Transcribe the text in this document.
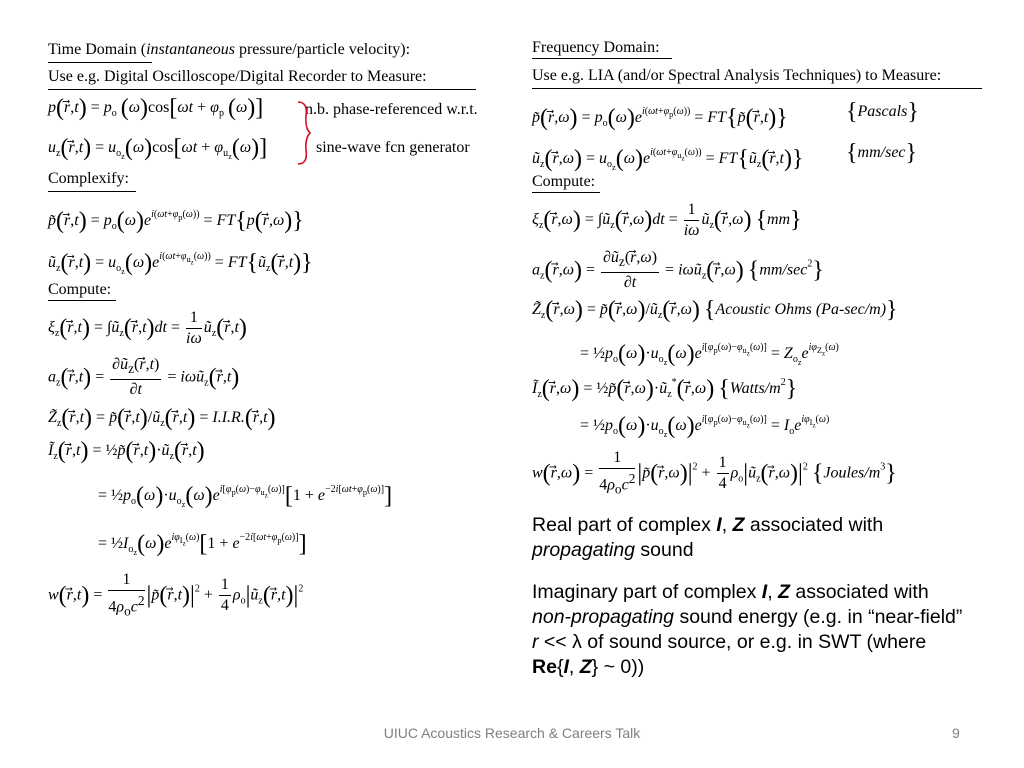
Time Domain (instantaneous pressure/particle velocity):
Use e.g. Digital Oscilloscope/Digital Recorder to Measure:
p(r⃗,t) = $p_o$ $(\omega)\cos[\omega t + \varphi_p$ (ω)]	n.b. phase-referenced w.r.t.
$u_z(r⃗,t) = u_{o_z}(\omega)\cos[\omega t + \varphi_{u_z}(\omega)]$	sine-wave fcn generator
Complexify:
p̃(r⃗,t) = $p_o(\omega)e^{i(\omega t+\varphi_p(\omega))}$ = FT{p(r⃗,ω)}
$ũ_z(r⃗,t) = u_{o_z}(\omega)e^{i(\omega t+\varphi_{u_z}(\omega))}$ = $FT\{ũ_z(r⃗,t)\}$
Compute:
$\xi_z(r⃗,t)$ = $\int ũ_z(r⃗,t)dt = \frac{1}{i\omega}$ $ũ_z(r⃗,t)$
$a_z(r⃗,t) = \frac{\partial ũ_z(r⃗,t)}{\partial t}$ = iωũ$_z$(r⃗,t)
$Z̃_z(r⃗,t)$ = $p̃(r⃗,t)/ũ_z(r⃗,t)$ = I.I.R.(r⃗,t)
$Ĩ_z(r⃗,t)$ = $\frac{1}{2}p̃(r⃗,t)\cdot ũ_z(r⃗,t)$
= $\frac{1}{2}p_o(\omega)\cdot u_{o_z}(\omega)e^{i[\varphi_p(\omega)-\varphi_{u_z}(\omega)]}[1 + e^{-2i[\omega t+\varphi_p(\omega)]}]$
= $\frac{1}{2}I_{o_z}(\omega)e^{i\varphi_{I_z}(\omega)}[1 + e^{-2i[\omega t+\varphi_p(\omega)]}]$
w(r⃗,t) = $\frac{1}{4\rho_oc^2}$ $|p̃(r⃗,t)|^2 + \frac{1}{4}$ $\rho_o|ũ_z(r⃗,t)|^2$
Frequency Domain:
Use e.g. LIA (and/or Spectral Analysis Techniques) to Measure:
p̃(r⃗,ω) = $p_o(\omega)e^{i(\omega t+\varphi_p(\omega))}$ = FT{p̃(r⃗,t)} {Pascals}
$ũ_z(r⃗,\omega) = u_{o_z}(\omega)e^{i(\omega t+\varphi_{u_z}(\omega))}$ = $FT\{ũ_z(r⃗,t)\}$ {mm/sec}
Compute:
$\xi_z(r⃗,\omega)$ = $\int ũ_z(r⃗,\omega)dt = \frac{1}{i\omega}$ $ũ_z(r⃗,\omega)$ {mm}
$a_z(r⃗,\omega) = \frac{\partial ũ_z(r⃗,\omega)}{\partial t}$ = iωũ$_z$(r⃗,ω) $\{mm/\sec^2\}$
$Z̃_z(r⃗,\omega)$ = $p̃(r⃗,\omega)/ũ_z(r⃗,\omega)$ {Acoustic Ohms (Pa-sec/m)}
= $\frac{1}{2}p_o(\omega)\cdot u_{o_z}(\omega)e^{i[\varphi_p(\omega)-\varphi_{u_z}(\omega)]} = Z_{o_z}e^{i\varphi_{Z_z}(\omega)}$
$Ĩ_z(r⃗,\omega)$ = $\frac{1}{2}p̃(r⃗,\omega)\cdot ũ_z^*(r⃗,\omega)$ $\{Watts/m^2\}$
= $\frac{1}{2}p_o(\omega)\cdot u_{o_z}(\omega)e^{i[\varphi_p(\omega)-\varphi_{u_z}(\omega)]} = I_oe^{i\varphi_{I_z}(\omega)}$
w(r⃗,ω) = $\frac{1}{4\rho_oc^2}$ $|p̃(r⃗,\omega)|^2 + \frac{1}{4}$ $\rho_o|ũ_z(r⃗,\omega)|^2$ $\{Joules/m^3\}$
Real part of complex I, Z associated with propagating sound
Imaginary part of complex I, Z associated with non-propagating sound energy (e.g. in “near-field” r << λ of sound source, or e.g. in SWT (where Re{I, Z} ~ 0))
UIUC Acoustics Research & Careers Talk	9
